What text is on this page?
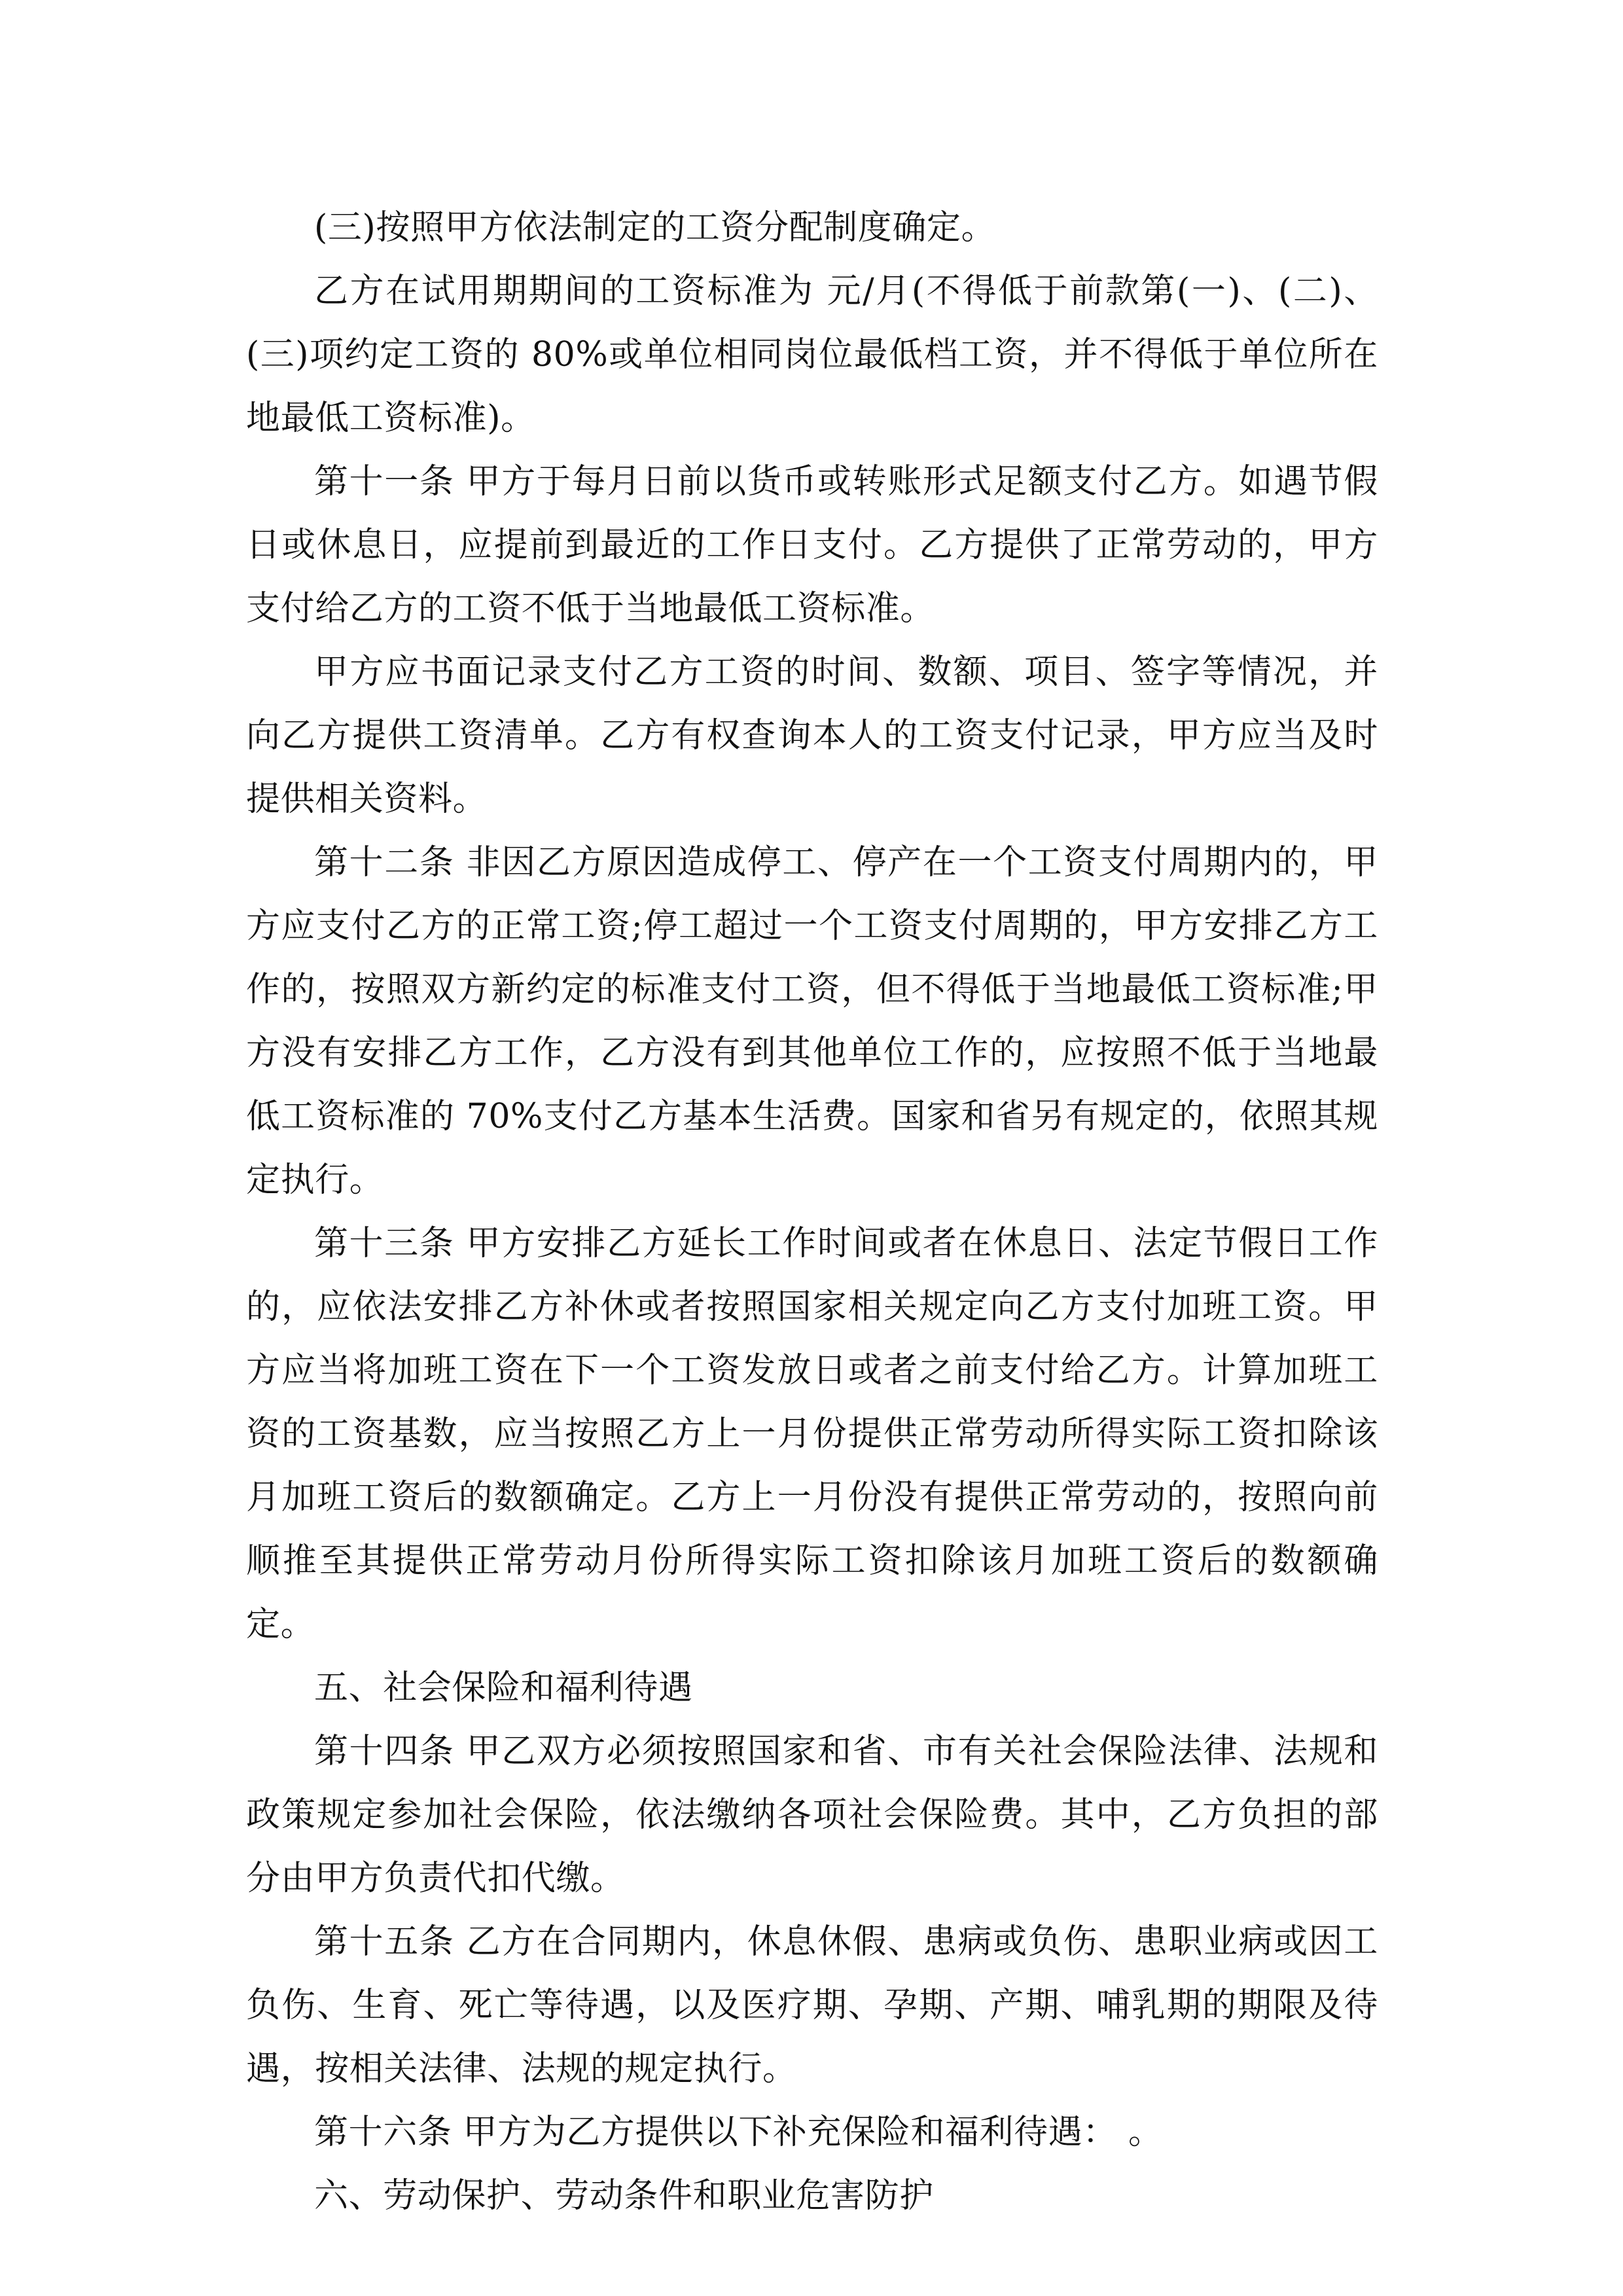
(三)按照甲方依法制定的工资分配制度确定。

乙方在试用期期间的工资标准为 元/月(不得低于前款第(一)、(二)、(三)项约定工资的 80%或单位相同岗位最低档工资，并不得低于单位所在地最低工资标准)。

第十一条 甲方于每月日前以货币或转账形式足额支付乙方。如遇节假日或休息日，应提前到最近的工作日支付。乙方提供了正常劳动的，甲方支付给乙方的工资不低于当地最低工资标准。

甲方应书面记录支付乙方工资的时间、数额、项目、签字等情况，并向乙方提供工资清单。乙方有权查询本人的工资支付记录，甲方应当及时提供相关资料。

第十二条 非因乙方原因造成停工、停产在一个工资支付周期内的，甲方应支付乙方的正常工资;停工超过一个工资支付周期的，甲方安排乙方工作的，按照双方新约定的标准支付工资，但不得低于当地最低工资标准;甲方没有安排乙方工作，乙方没有到其他单位工作的，应按照不低于当地最低工资标准的 70%支付乙方基本生活费。国家和省另有规定的，依照其规定执行。

第十三条 甲方安排乙方延长工作时间或者在休息日、法定节假日工作的，应依法安排乙方补休或者按照国家相关规定向乙方支付加班工资。甲方应当将加班工资在下一个工资发放日或者之前支付给乙方。计算加班工资的工资基数，应当按照乙方上一月份提供正常劳动所得实际工资扣除该月加班工资后的数额确定。乙方上一月份没有提供正常劳动的，按照向前顺推至其提供正常劳动月份所得实际工资扣除该月加班工资后的数额确定。

五、社会保险和福利待遇

第十四条 甲乙双方必须按照国家和省、市有关社会保险法律、法规和政策规定参加社会保险，依法缴纳各项社会保险费。其中，乙方负担的部分由甲方负责代扣代缴。

第十五条 乙方在合同期内，休息休假、患病或负伤、患职业病或因工负伤、生育、死亡等待遇，以及医疗期、孕期、产期、哺乳期的期限及待遇，按相关法律、法规的规定执行。

第十六条 甲方为乙方提供以下补充保险和福利待遇： 。

六、劳动保护、劳动条件和职业危害防护
